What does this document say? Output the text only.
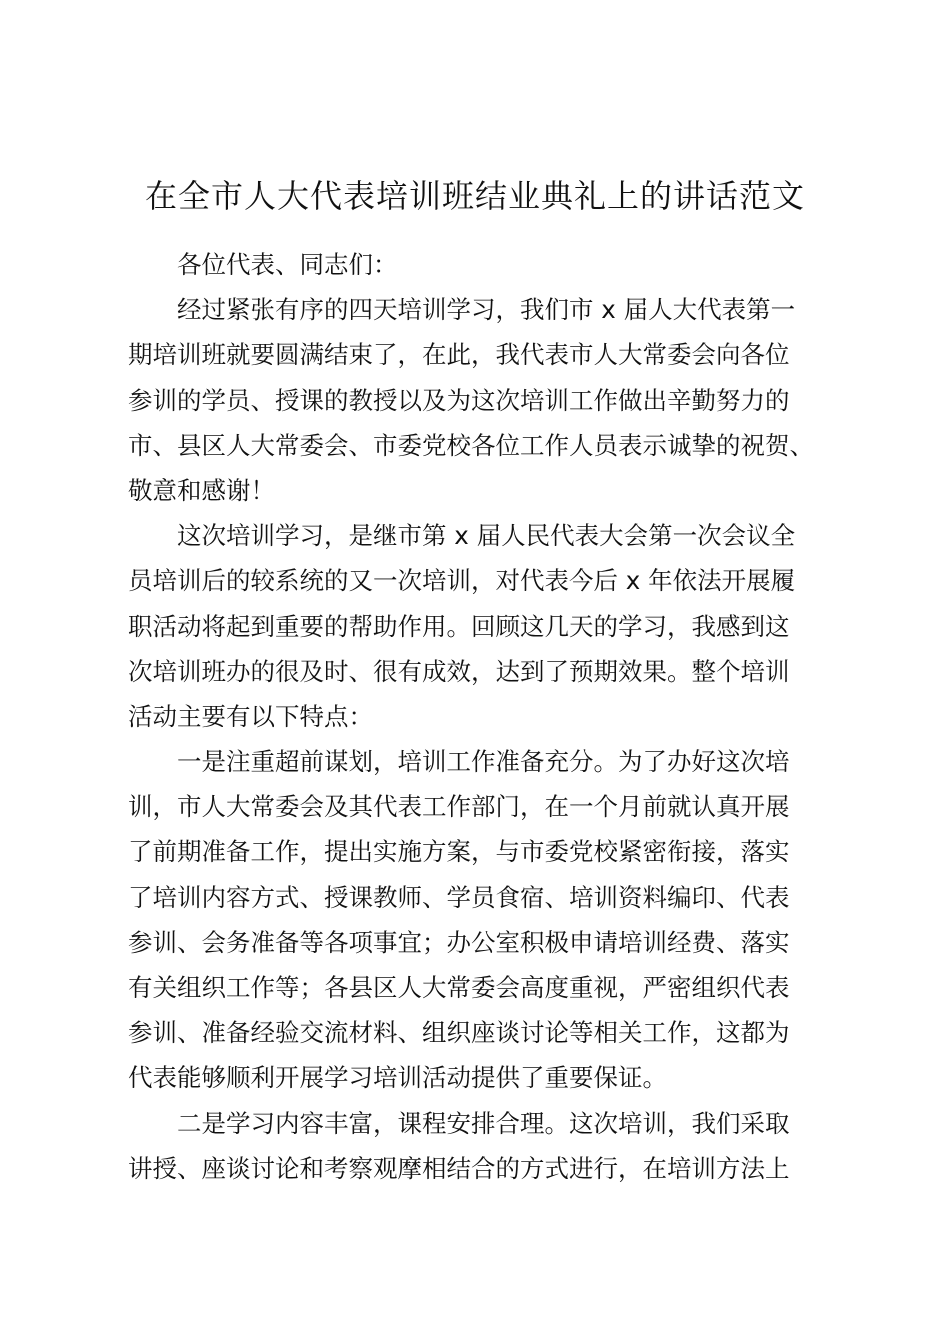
在全市人大代表培训班结业典礼上的讲话范文
各位代表、同志们：
经过紧张有序的四天培训学习，我们市 x 届人大代表第一
期培训班就要圆满结束了，在此，我代表市人大常委会向各位
参训的学员、授课的教授以及为这次培训工作做出辛勤努力的
市、县区人大常委会、市委党校各位工作人员表示诚挚的祝贺、
敬意和感谢！
这次培训学习，是继市第 x 届人民代表大会第一次会议全
员培训后的较系统的又一次培训，对代表今后 x 年依法开展履
职活动将起到重要的帮助作用。回顾这几天的学习，我感到这
次培训班办的很及时、很有成效，达到了预期效果。整个培训
活动主要有以下特点：
一是注重超前谋划，培训工作准备充分。为了办好这次培
训，市人大常委会及其代表工作部门，在一个月前就认真开展
了前期准备工作，提出实施方案，与市委党校紧密衔接，落实
了培训内容方式、授课教师、学员食宿、培训资料编印、代表
参训、会务准备等各项事宜；办公室积极申请培训经费、落实
有关组织工作等；各县区人大常委会高度重视，严密组织代表
参训、准备经验交流材料、组织座谈讨论等相关工作，这都为
代表能够顺利开展学习培训活动提供了重要保证。
二是学习内容丰富，课程安排合理。这次培训，我们采取
讲授、座谈讨论和考察观摩相结合的方式进行，在培训方法上
